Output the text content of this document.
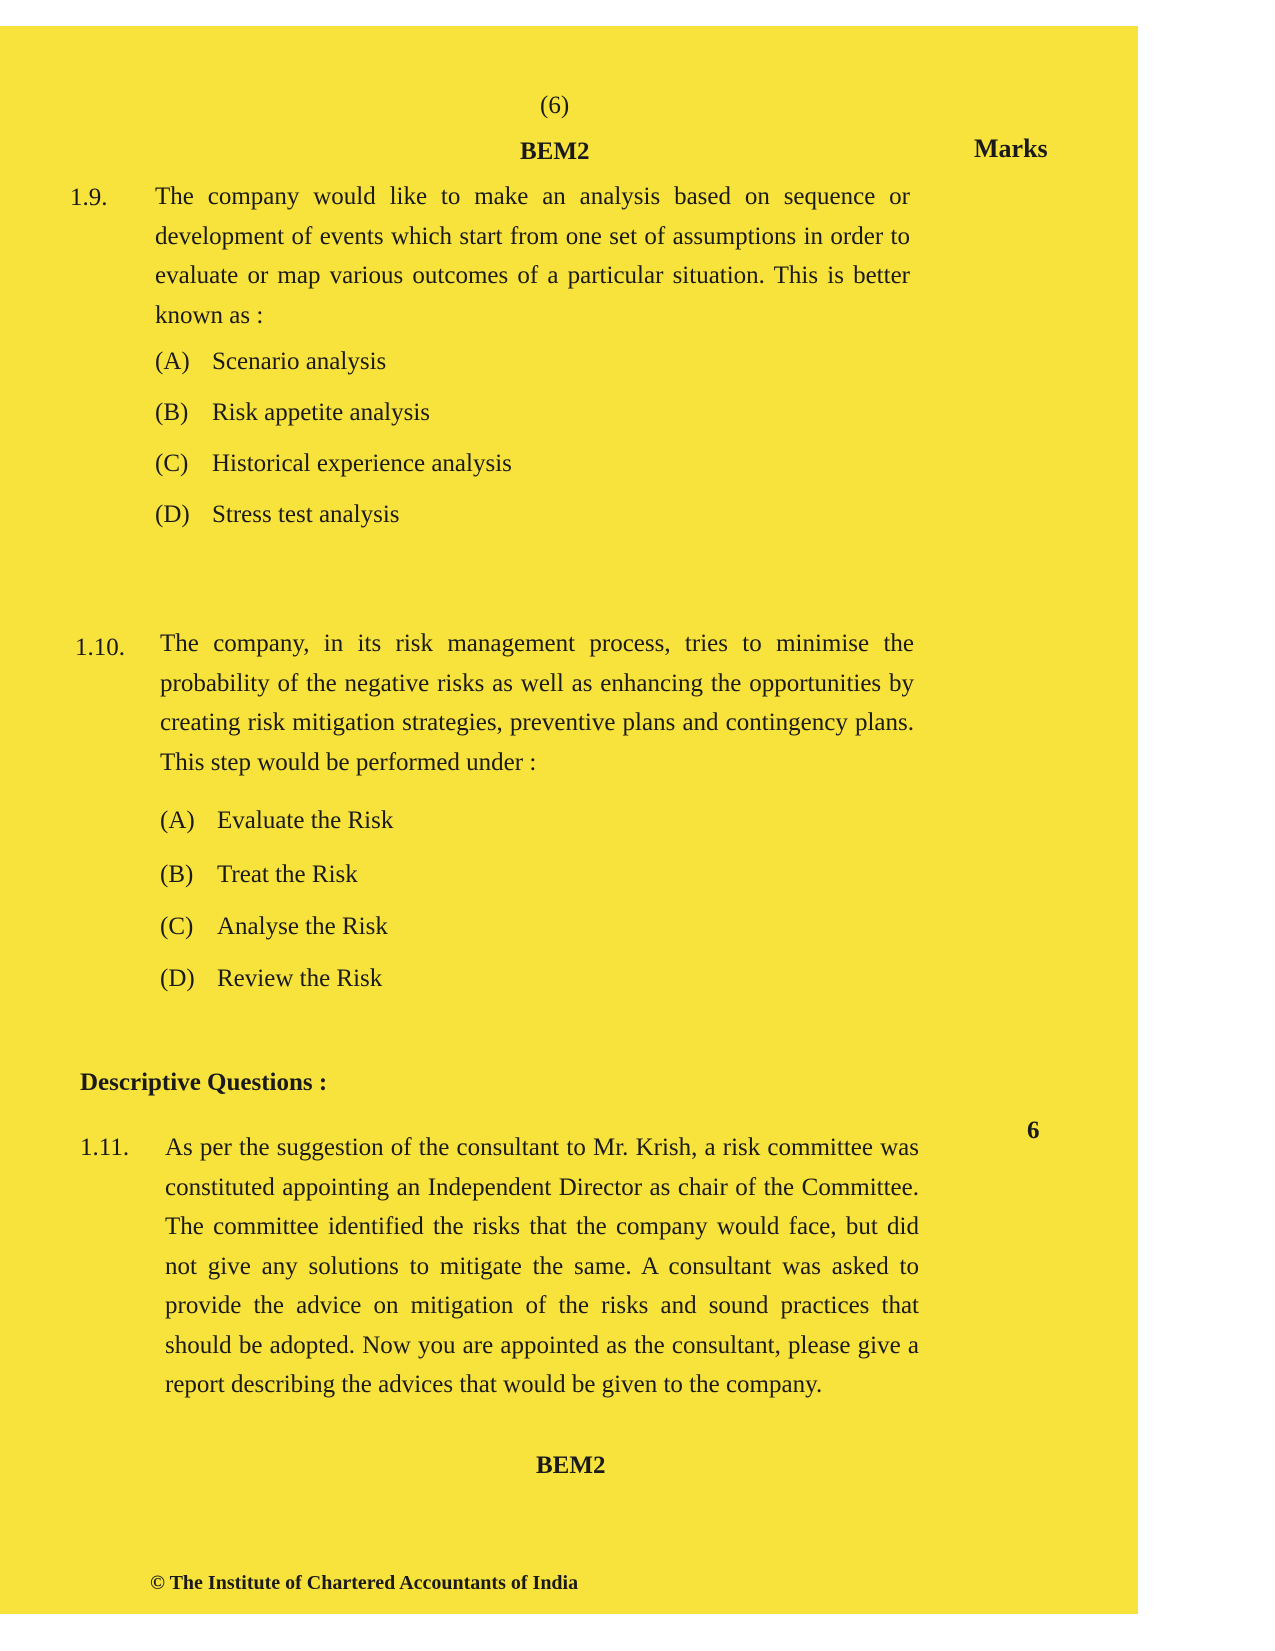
(6)
BEM2	Marks
1.9. The company would like to make an analysis based on sequence or development of events which start from one set of assumptions in order to evaluate or map various outcomes of a particular situation. This is better known as :
(A) Scenario analysis
(B) Risk appetite analysis
(C) Historical experience analysis
(D) Stress test analysis
1.10. The company, in its risk management process, tries to minimise the probability of the negative risks as well as enhancing the opportunities by creating risk mitigation strategies, preventive plans and contingency plans. This step would be performed under :
(A) Evaluate the Risk
(B) Treat the Risk
(C) Analyse the Risk
(D) Review the Risk
Descriptive Questions :
1.11.
6
As per the suggestion of the consultant to Mr. Krish, a risk committee was constituted appointing an Independent Director as chair of the Committee. The committee identified the risks that the company would face, but did not give any solutions to mitigate the same. A consultant was asked to provide the advice on mitigation of the risks and sound practices that should be adopted. Now you are appointed as the consultant, please give a report describing the advices that would be given to the company.
BEM2
© The Institute of Chartered Accountants of India
